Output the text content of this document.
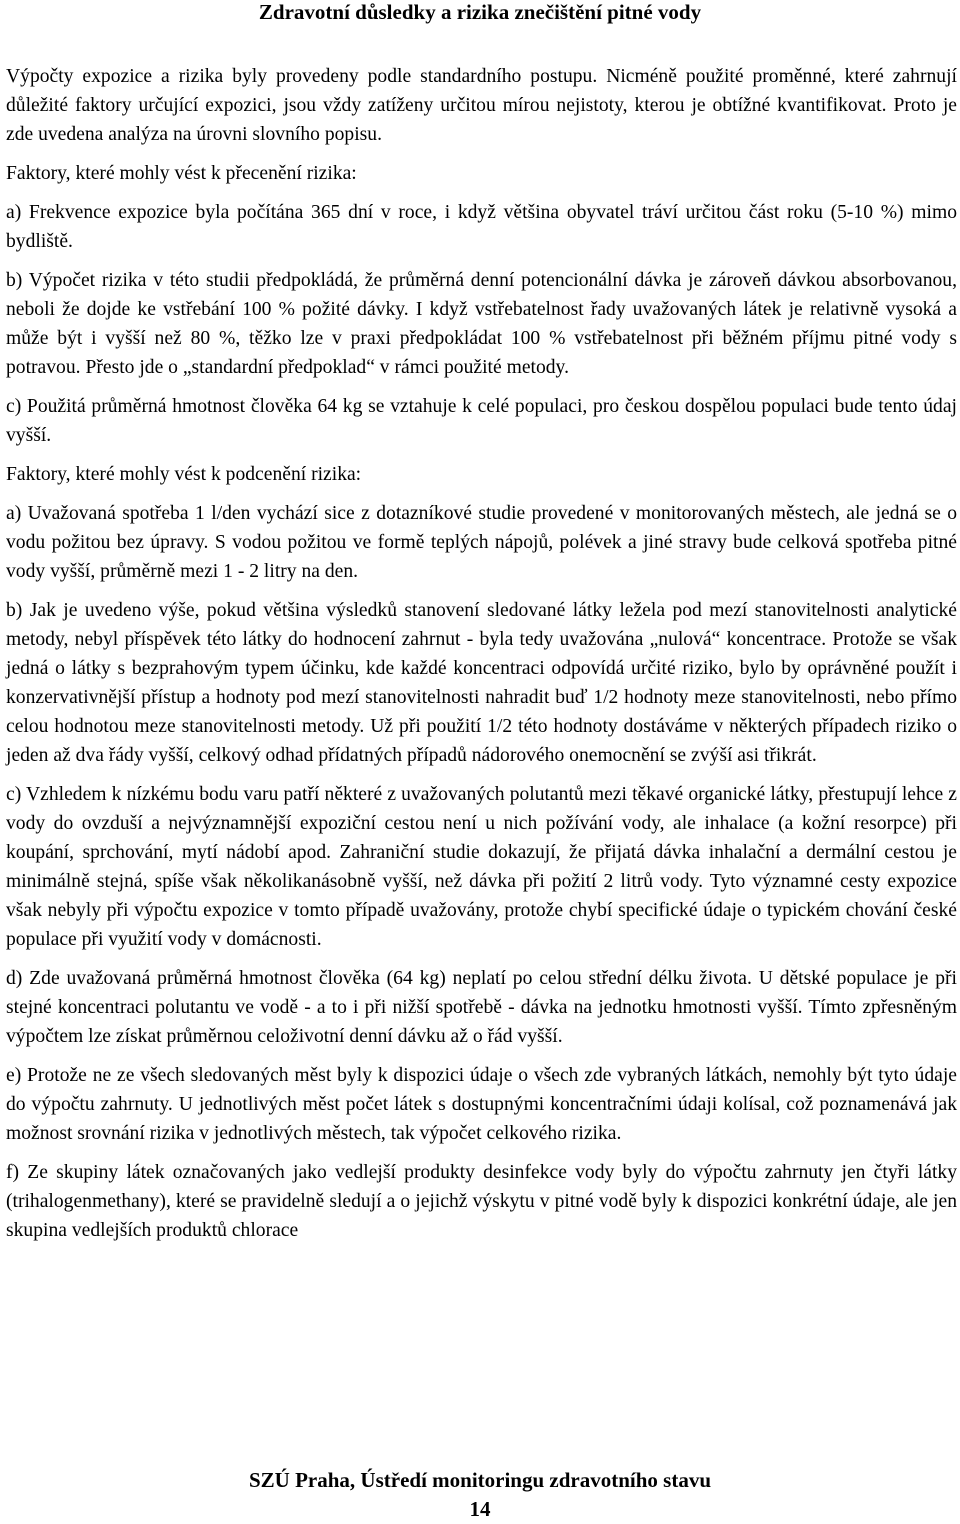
Zdravotní důsledky a rizika znečištění pitné vody

Výpočty expozice a rizika byly provedeny podle standardního postupu. Nicméně použité proměnné, které zahrnují důležité faktory určující expozici, jsou vždy zatíženy určitou mírou nejistoty, kterou je obtížné kvantifikovat. Proto je zde uvedena analýza na úrovni slovního popisu.

Faktory, které mohly vést k přecenění rizika:

a) Frekvence expozice byla počítána 365 dní v roce, i když většina obyvatel tráví určitou část roku (5-10 %) mimo bydliště.

b) Výpočet rizika v této studii předpokládá, že průměrná denní potencionální dávka je zároveň dávkou absorbovanou, neboli že dojde ke vstřebání 100 % požité dávky. I když vstřebatelnost řady uvažovaných látek je relativně vysoká a může být i vyšší než 80 %, těžko lze v praxi předpokládat 100 % vstřebatelnost při běžném příjmu pitné vody s potravou. Přesto jde o „standardní předpoklad“ v rámci použité metody.

c) Použitá průměrná hmotnost člověka 64 kg se vztahuje k celé populaci, pro českou dospělou populaci bude tento údaj vyšší.

Faktory, které mohly vést k podcenění rizika:

a) Uvažovaná spotřeba 1 l/den vychází sice z dotazníkové studie provedené v monitorovaných městech, ale jedná se o vodu požitou bez úpravy. S vodou požitou ve formě teplých nápojů, polévek a jiné stravy bude celková spotřeba pitné vody vyšší, průměrně mezi 1 - 2 litry na den.

b) Jak je uvedeno výše, pokud většina výsledků stanovení sledované látky ležela pod mezí stanovitelnosti analytické metody, nebyl příspěvek této látky do hodnocení zahrnut - byla tedy uvažována „nulová“ koncentrace. Protože se však jedná o látky s bezprahovým typem účinku, kde každé koncentraci odpovídá určité riziko, bylo by oprávněné použít i konzervativnější přístup a hodnoty pod mezí stanovitelnosti nahradit buď 1/2 hodnoty meze stanovitelnosti, nebo přímo celou hodnotou meze stanovitelnosti metody. Už při použití 1/2 této hodnoty dostáváme v některých případech riziko o jeden až dva řády vyšší, celkový odhad přídatných případů nádorového onemocnění se zvýší asi třikrát.

c) Vzhledem k nízkému bodu varu patří některé z uvažovaných polutantů mezi těkavé organické látky, přestupují lehce z vody do ovzduší a nejvýznamnější expoziční cestou není u nich požívání vody, ale inhalace (a kožní resorpce) při koupání, sprchování, mytí nádobí apod. Zahraniční studie dokazují, že přijatá dávka inhalační a dermální cestou je minimálně stejná, spíše však několikanásobně vyšší, než dávka při požití 2 litrů vody. Tyto významné cesty expozice však nebyly při výpočtu expozice v tomto případě uvažovány, protože chybí specifické údaje o typickém chování české populace při využití vody v domácnosti.

d) Zde uvažovaná průměrná hmotnost člověka (64 kg) neplatí po celou střední délku života. U dětské populace je při stejné koncentraci polutantu ve vodě - a to i při nižší spotřebě - dávka na jednotku hmotnosti vyšší. Tímto zpřesněným výpočtem lze získat průměrnou celoživotní denní dávku až o řád vyšší.

e) Protože ne ze všech sledovaných měst byly k dispozici údaje o všech zde vybraných látkách, nemohly být tyto údaje do výpočtu zahrnuty. U jednotlivých měst počet látek s dostupnými koncentračními údaji kolísal, což poznamenává jak možnost srovnání rizika v jednotlivých městech, tak výpočet celkového rizika.

f) Ze skupiny látek označovaných jako vedlejší produkty desinfekce vody byly do výpočtu zahrnuty jen čtyři látky (trihalogenmethany), které se pravidelně sledují a o jejichž výskytu v pitné vodě byly k dispozici konkrétní údaje, ale jen skupina vedlejších produktů chlorace

SZÚ Praha, Ústředí monitoringu zdravotního stavu
14
